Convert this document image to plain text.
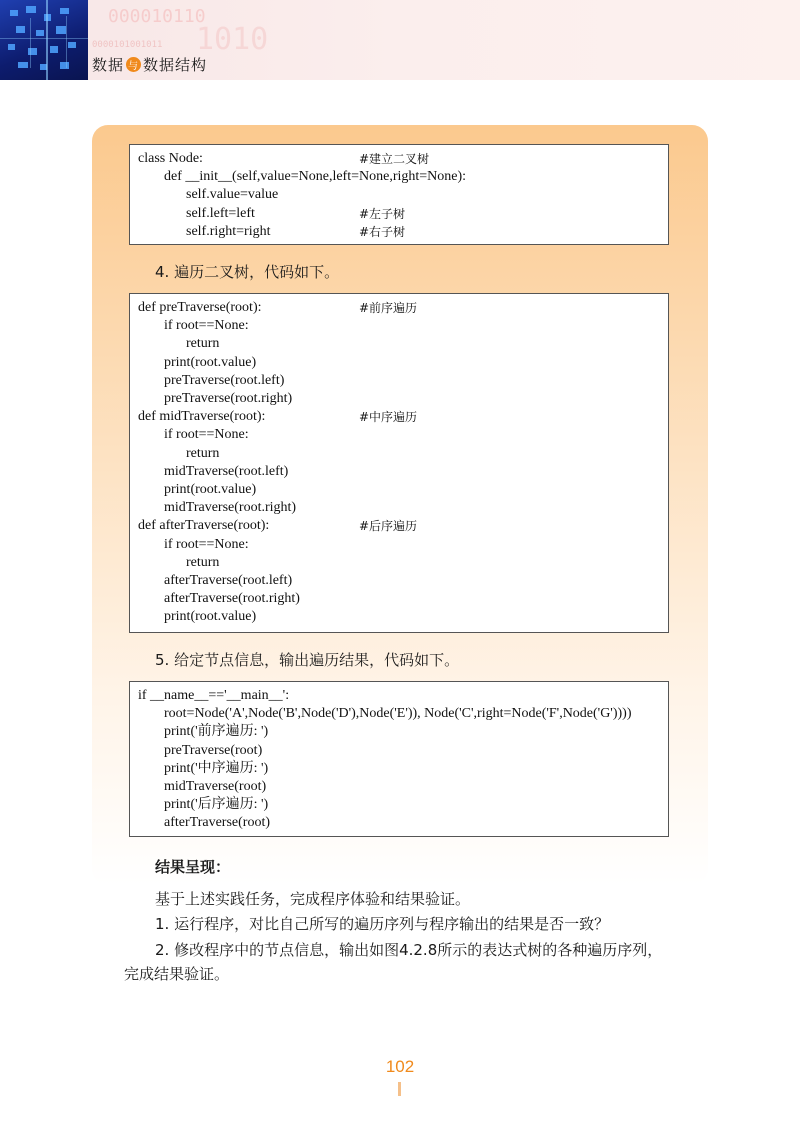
000010110
1010
0000101001011
数据 与 数据结构
class Node:	#建立二叉树
def __init__(self,value=None,left=None,right=None):
self.value=value
self.left=left	#左子树
self.right=right	#右子树
4. 遍历二叉树，代码如下。
def preTraverse(root):	#前序遍历
if root==None:
return
print(root.value)
preTraverse(root.left)
preTraverse(root.right)
def midTraverse(root):	#中序遍历
if root==None:
return
midTraverse(root.left)
print(root.value)
midTraverse(root.right)
def afterTraverse(root):	#后序遍历
if root==None:
return
afterTraverse(root.left)
afterTraverse(root.right)
print(root.value)
5. 给定节点信息，输出遍历结果，代码如下。
if __name__=='__main__':
root=Node('A',Node('B',Node('D'),Node('E')), Node('C',right=Node('F',Node('G'))))
print('前序遍历: ')
preTraverse(root)
print('中序遍历: ')
midTraverse(root)
print('后序遍历: ')
afterTraverse(root)
结果呈现：
基于上述实践任务，完成程序体验和结果验证。
1. 运行程序，对比自己所写的遍历序列与程序输出的结果是否一致？
2. 修改程序中的节点信息，输出如图4.2.8所示的表达式树的各种遍历序列，
完成结果验证。
102
